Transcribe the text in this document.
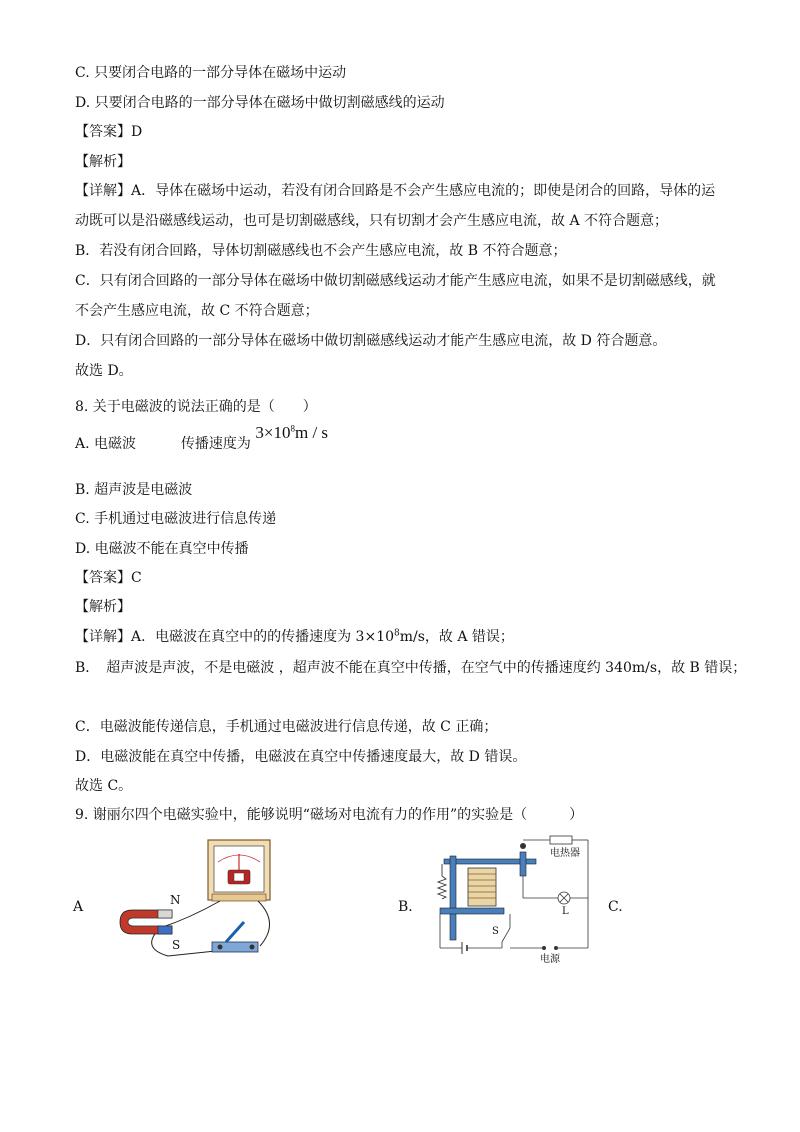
C. 只要闭合电路的一部分导体在磁场中运动
D. 只要闭合电路的一部分导体在磁场中做切割磁感线的运动
【答案】D
【解析】
【详解】A．导体在磁场中运动，若没有闭合回路是不会产生感应电流的；即使是闭合的回路，导体的运
动既可以是沿磁感线运动，也可是切割磁感线，只有切割才会产生感应电流，故 A 不符合题意；
B．若没有闭合回路，导体切割磁感线也不会产生感应电流，故 B 不符合题意；
C．只有闭合回路的一部分导体在磁场中做切割磁感线运动才能产生感应电流，如果不是切割磁感线，就
不会产生感应电流，故 C 不符合题意；
D．只有闭合回路的一部分导体在磁场中做切割磁感线运动才能产生感应电流，故 D 符合题意。
故选 D。
8. 关于电磁波的说法正确的是（　　）
A. 电磁波	传播速度为 $3\times 10^8m / s$
B. 超声波是电磁波
C. 手机通过电磁波进行信息传递
D. 电磁波不能在真空中传播
【答案】C
【解析】
【详解】A．电磁波在真空中的的传播速度为 $3\times 10^8m/s$，故 A 错误；
B．　超声波是声波，不是电磁波 ，超声波不能在真空中传播，在空气中的传播速度约 340m/s，故 B 错误；
C．电磁波能传递信息，手机通过电磁波进行信息传递，故 C 正确；
D．电磁波能在真空中传播，电磁波在真空中传播速度最大，故 D 错误。
故选 C。
9. 谢丽尔四个电磁实验中，能够说明“磁场对电流有力的作用”的实验是（　　　）
A	N
S
B.
电热器
L
S
电源
C.
